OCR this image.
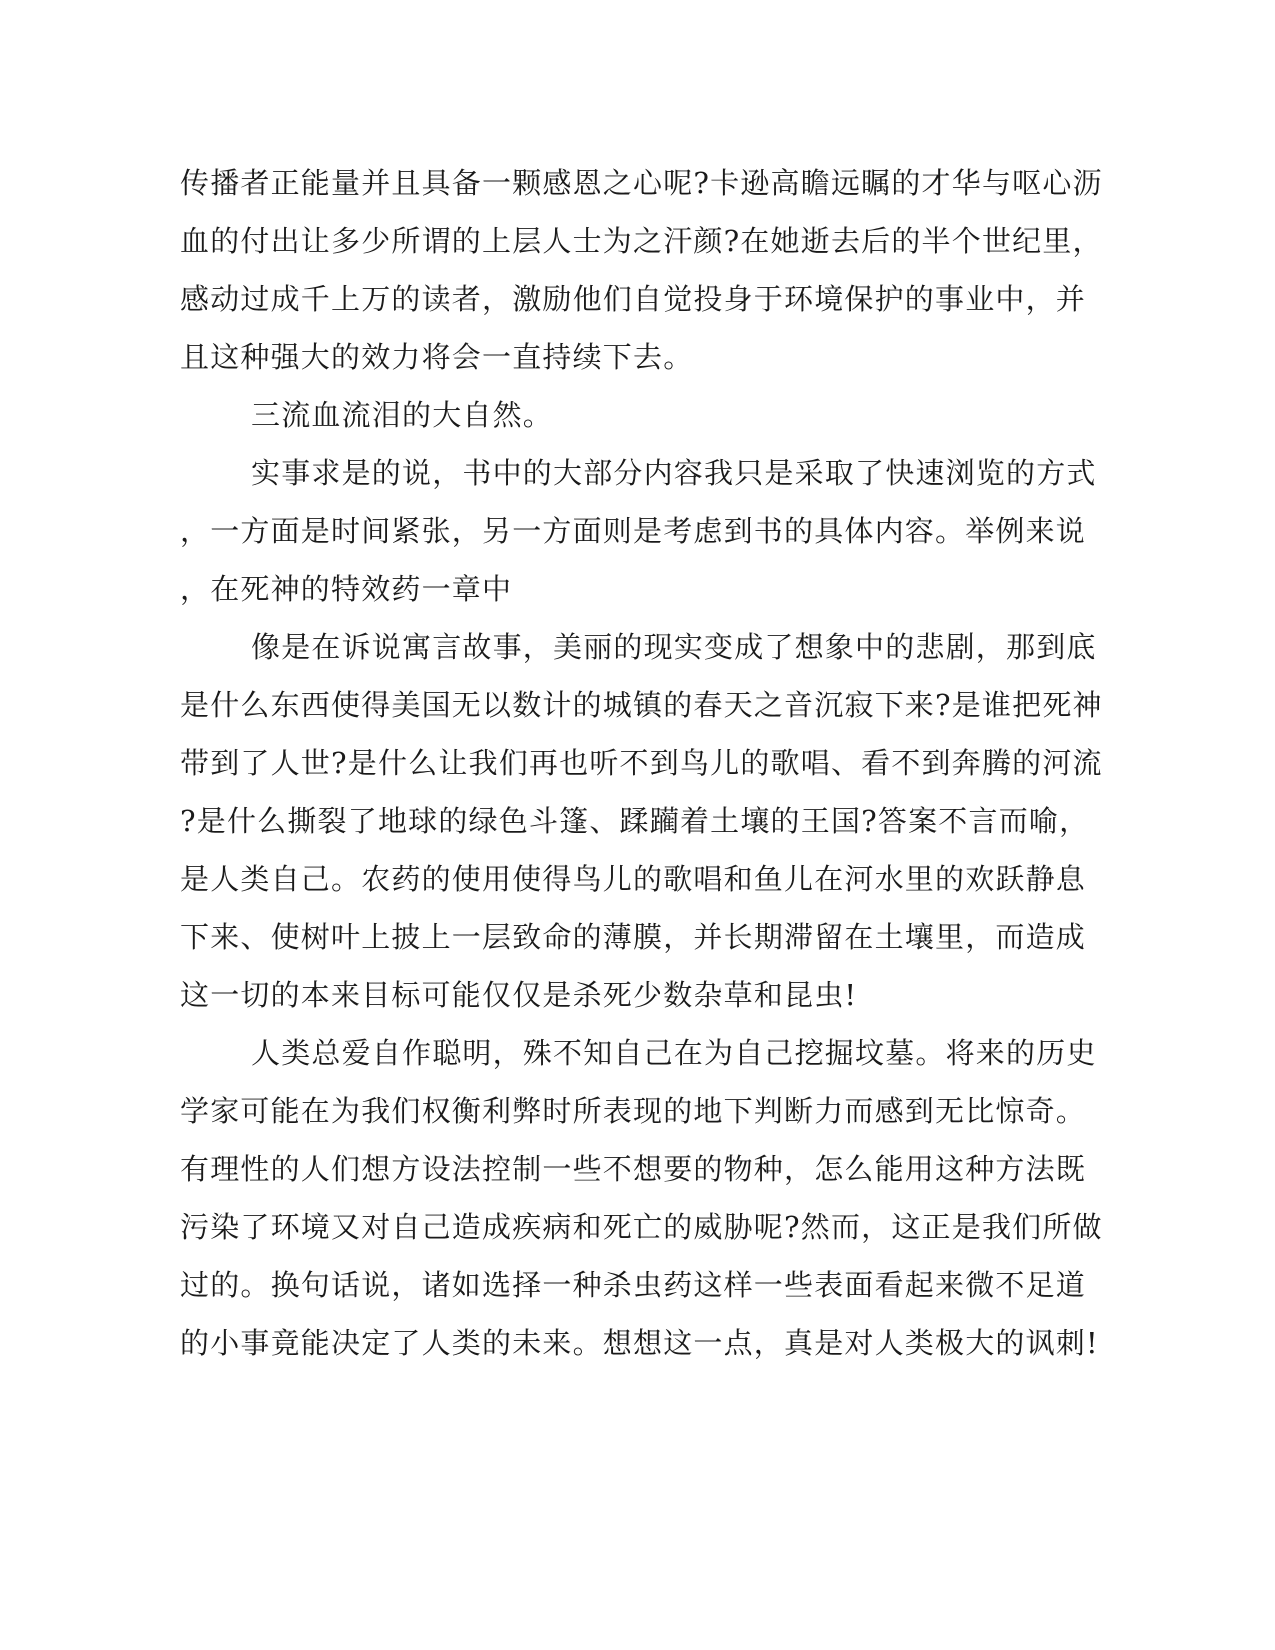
传播者正能量并且具备一颗感恩之心呢?卡逊高瞻远瞩的才华与呕心沥

血的付出让多少所谓的上层人士为之汗颜?在她逝去后的半个世纪里，

感动过成千上万的读者，激励他们自觉投身于环境保护的事业中，并

且这种强大的效力将会一直持续下去。

三流血流泪的大自然。

实事求是的说，书中的大部分内容我只是采取了快速浏览的方式

，一方面是时间紧张，另一方面则是考虑到书的具体内容。举例来说

，在死神的特效药一章中

像是在诉说寓言故事，美丽的现实变成了想象中的悲剧，那到底

是什么东西使得美国无以数计的城镇的春天之音沉寂下来?是谁把死神

带到了人世?是什么让我们再也听不到鸟儿的歌唱、看不到奔腾的河流

?是什么撕裂了地球的绿色斗篷、蹂躏着土壤的王国?答案不言而喻，

是人类自己。农药的使用使得鸟儿的歌唱和鱼儿在河水里的欢跃静息

下来、使树叶上披上一层致命的薄膜，并长期滞留在土壤里，而造成

这一切的本来目标可能仅仅是杀死少数杂草和昆虫!

人类总爱自作聪明，殊不知自己在为自己挖掘坟墓。将来的历史

学家可能在为我们权衡利弊时所表现的地下判断力而感到无比惊奇。

有理性的人们想方设法控制一些不想要的物种，怎么能用这种方法既

污染了环境又对自己造成疾病和死亡的威胁呢?然而，这正是我们所做

过的。换句话说，诸如选择一种杀虫药这样一些表面看起来微不足道

的小事竟能决定了人类的未来。想想这一点，真是对人类极大的讽刺!
